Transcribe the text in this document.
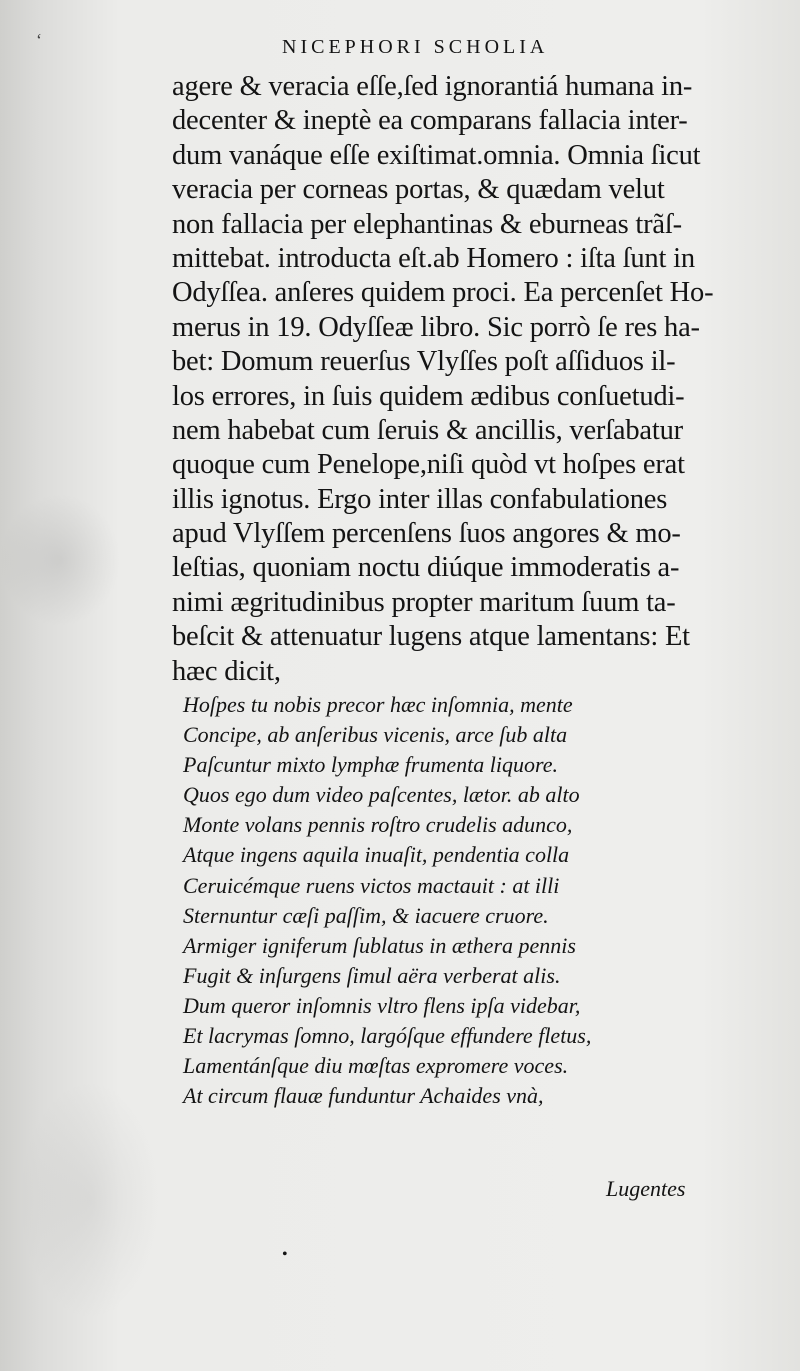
ʻ	NICEPHORI SCHOLIA
agere & veracia eſſe,ſed ignorantiá humana in-
decenter & ineptè ea comparans fallacia inter-
dum vanáque eſſe exiſtimat.omnia. Omnia ſicut
veracia per corneas portas, & quædam velut
non fallacia per elephantinas & eburneas trãſ-
mittebat. introducta eſt.ab Homero : iſta ſunt in
Odyſſea. anſeres quidem proci. Ea percenſet Ho-
merus in 19. Odyſſeæ libro. Sic porrò ſe res ha-
bet: Domum reuerſus Vlyſſes poſt aſſiduos il-
los errores, in ſuis quidem ædibus conſuetudi-
nem habebat cum ſeruis & ancillis, verſabatur
quoque cum Penelope,niſi quòd vt hoſpes erat
illis ignotus. Ergo inter illas confabulationes
apud Vlyſſem percenſens ſuos angores & mo-
leſtias, quoniam noctu diúque immoderatis a-
nimi ægritudinibus propter maritum ſuum ta-
beſcit & attenuatur lugens atque lamentans: Et
hæc dicit,
Hoſpes tu nobis precor hæc inſomnia, mente
Concipe, ab anſeribus vicenis, arce ſub alta
Paſcuntur mixto lymphæ frumenta liquore.
Quos ego dum video paſcentes, lætor. ab alto
Monte volans pennis roſtro crudelis adunco,
Atque ingens aquila inuaſit, pendentia colla
Ceruicémque ruens victos mactauit : at illi
Sternuntur cæſi paſſim, & iacuere cruore.
Armiger igniferum ſublatus in æthera pennis
Fugit & inſurgens ſimul aëra verberat alis.
Dum queror inſomnis vltro flens ipſa videbar,
Et lacrymas ſomno, largóſque effundere fletus,
Lamentánſque diu mœſtas expromere voces.
At circum flauæ funduntur Achaides vnà,
Lugentes
•
